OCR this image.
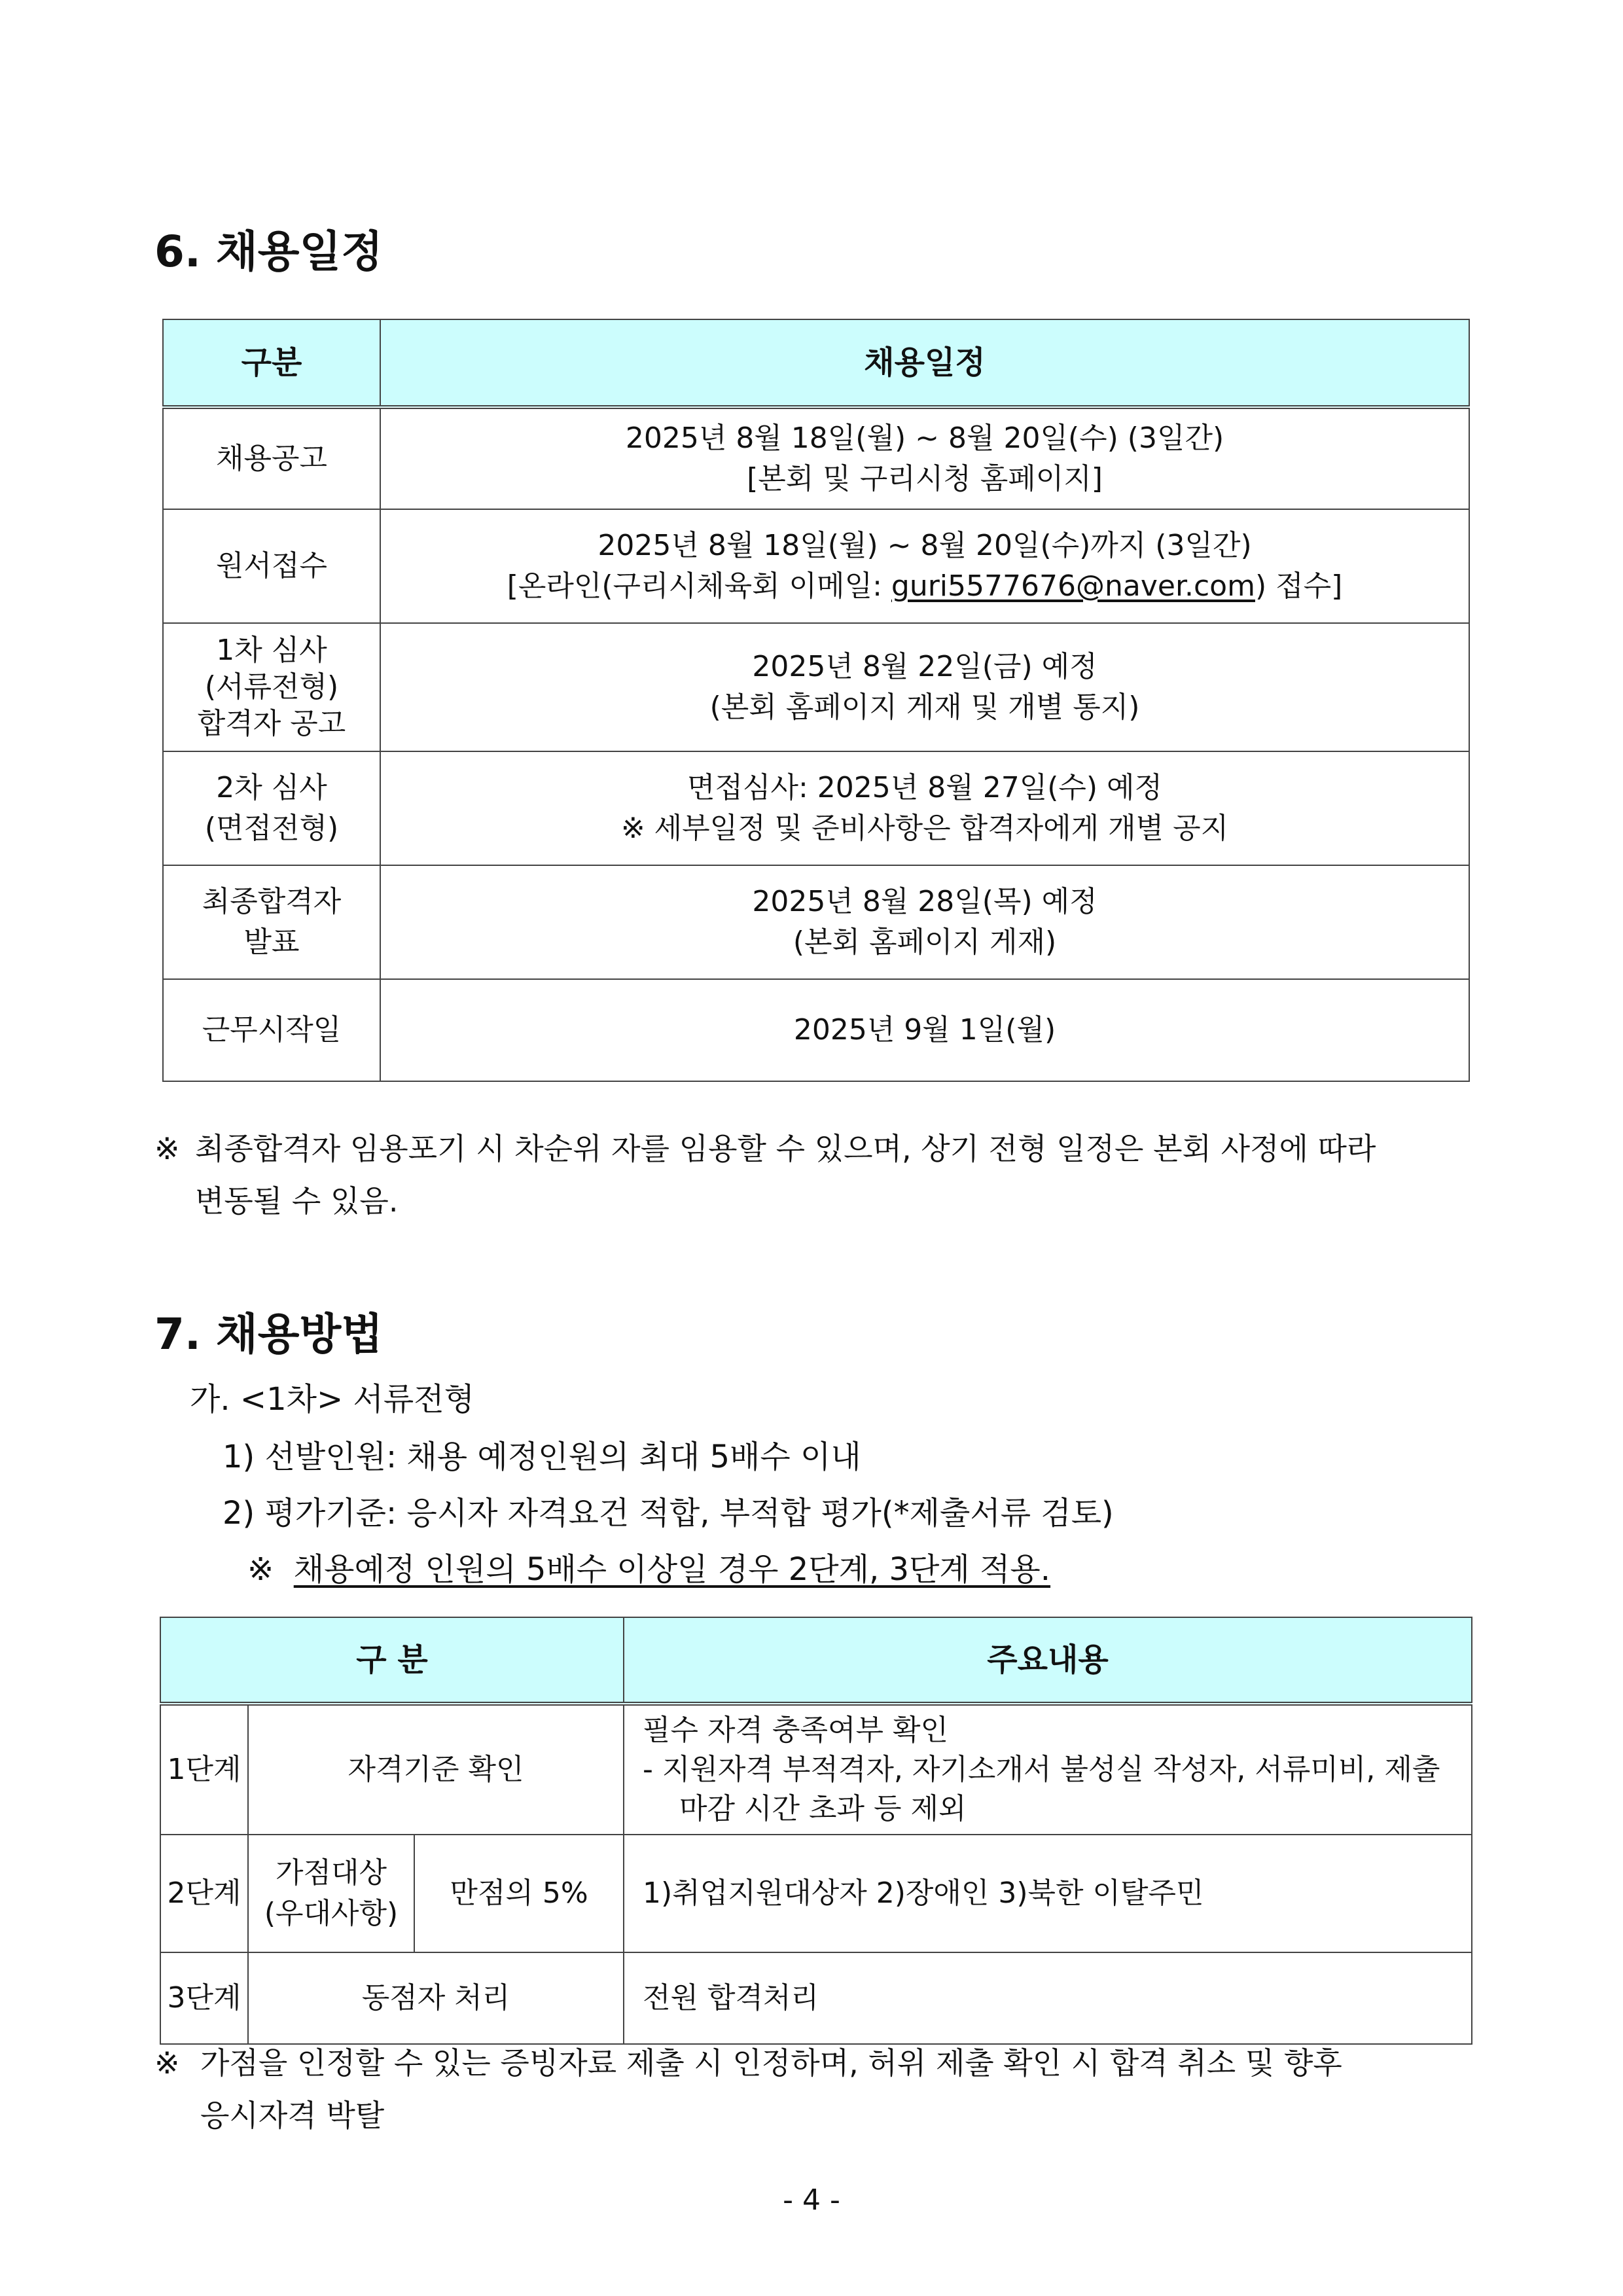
6. 채용일정
구분	채용일정
채용공고	2025년 8월 18일(월) ~ 8월 20일(수) (3일간)
[본회 및 구리시청 홈페이지]

원서접수	2025년 8월 18일(월) ~ 8월 20일(수)까지 (3일간)
[온라인(구리시체육회 이메일: guri5577676@naver.com) 접수]

1차 심사
(서류전형)
합격자 공고	2025년 8월 22일(금) 예정
(본회 홈페이지 게재 및 개별 통지)

2차 심사
(면접전형)	면접심사: 2025년 8월 27일(수) 예정
※ 세부일정 및 준비사항은 합격자에게 개별 공지

최종합격자
발표	2025년 8월 28일(목) 예정
(본회 홈페이지 게재)

근무시작일	2025년 9월 1일(월)

※ 최종합격자 임용포기 시 차순위 자를 임용할 수 있으며, 상기 전형 일정은 본회 사정에 따라
변동될 수 있음.

7. 채용방법

가. <1차> 서류전형

1) 선발인원: 채용 예정인원의 최대 5배수 이내

2) 평가기준: 응시자 자격요건 적합, 부적합 평가(*제출서류 검토)

※ 채용예정 인원의 5배수 이상일 경우 2단계, 3단계 적용.

구 분			주요내용
1단계	자격기준 확인		필수 자격 충족여부 확인
- 지원자격 부적격자, 자기소개서 불성실 작성자, 서류미비, 제출 마감 시간 초과 등 제외

2단계	가점대상
(우대사항)	만점의 5%	1)취업지원대상자 2)장애인 3)북한 이탈주민
3단계	동점자 처리		전원 합격처리

※ 가점을 인정할 수 있는 증빙자료 제출 시 인정하며, 허위 제출 확인 시 합격 취소 및 향후
응시자격 박탈

- 4 -
